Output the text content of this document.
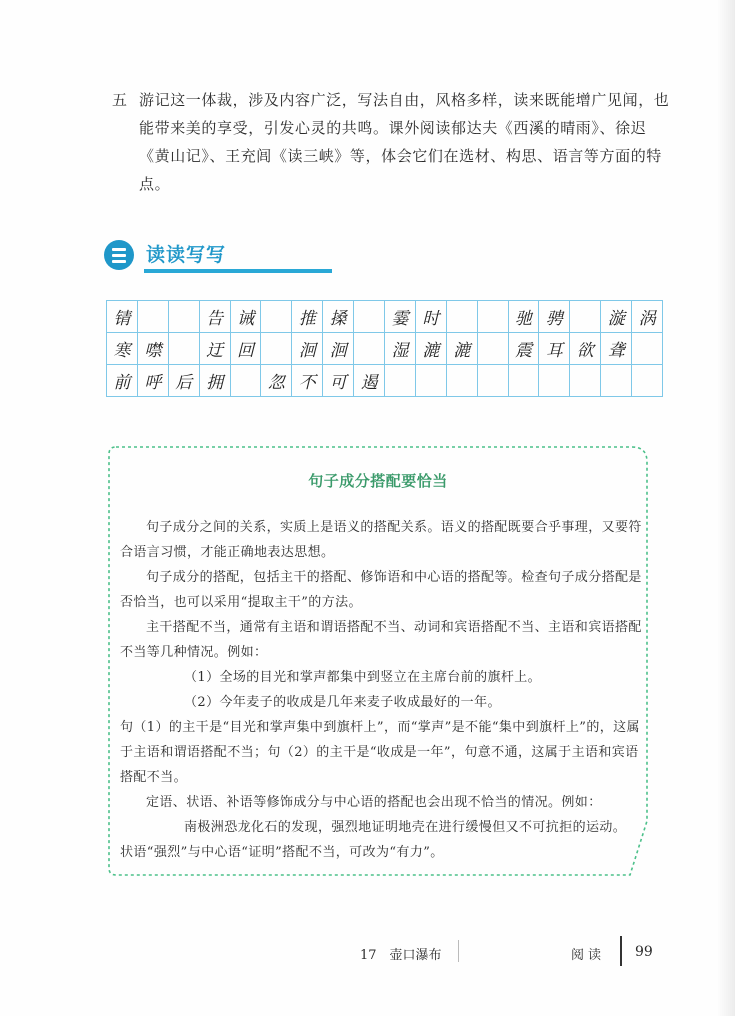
五 游记这一体裁，涉及内容广泛，写法自由，风格多样，读来既能增广见闻，也能带来美的享受，引发心灵的共鸣。课外阅读郁达夫《西溪的晴雨》、徐迟《黄山记》、王充闾《读三峡》等，体会它们在选材、构思、语言等方面的特点。

读读写写
锖			告	诫		推	搡		霎	时			驰	骋		漩	涡
寒	噤		迂	回		洄	洄		湿	漉	漉		震	耳	欲	聋	
前	呼	后	拥		忽	不	可	遏									
句子成分搭配要恰当

句子成分之间的关系，实质上是语义的搭配关系。语义的搭配既要合乎事理，又要符合语言习惯，才能正确地表达思想。

句子成分的搭配，包括主干的搭配、修饰语和中心语的搭配等。检查句子成分搭配是否恰当，也可以采用“提取主干”的方法。

主干搭配不当，通常有主语和谓语搭配不当、动词和宾语搭配不当、主语和宾语搭配不当等几种情况。例如：

（1）全场的目光和掌声都集中到竖立在主席台前的旗杆上。

（2）今年麦子的收成是几年来麦子收成最好的一年。

句（1）的主干是“目光和掌声集中到旗杆上”，而“掌声”是不能“集中到旗杆上”的，这属于主语和谓语搭配不当；句（2）的主干是“收成是一年”，句意不通，这属于主语和宾语搭配不当。

定语、状语、补语等修饰成分与中心语的搭配也会出现不恰当的情况。例如：

南极洲恐龙化石的发现，强烈地证明地壳在进行缓慢但又不可抗拒的运动。

状语“强烈”与中心语“证明”搭配不当，可改为“有力”。

17　壶口瀑布	阅读 99
